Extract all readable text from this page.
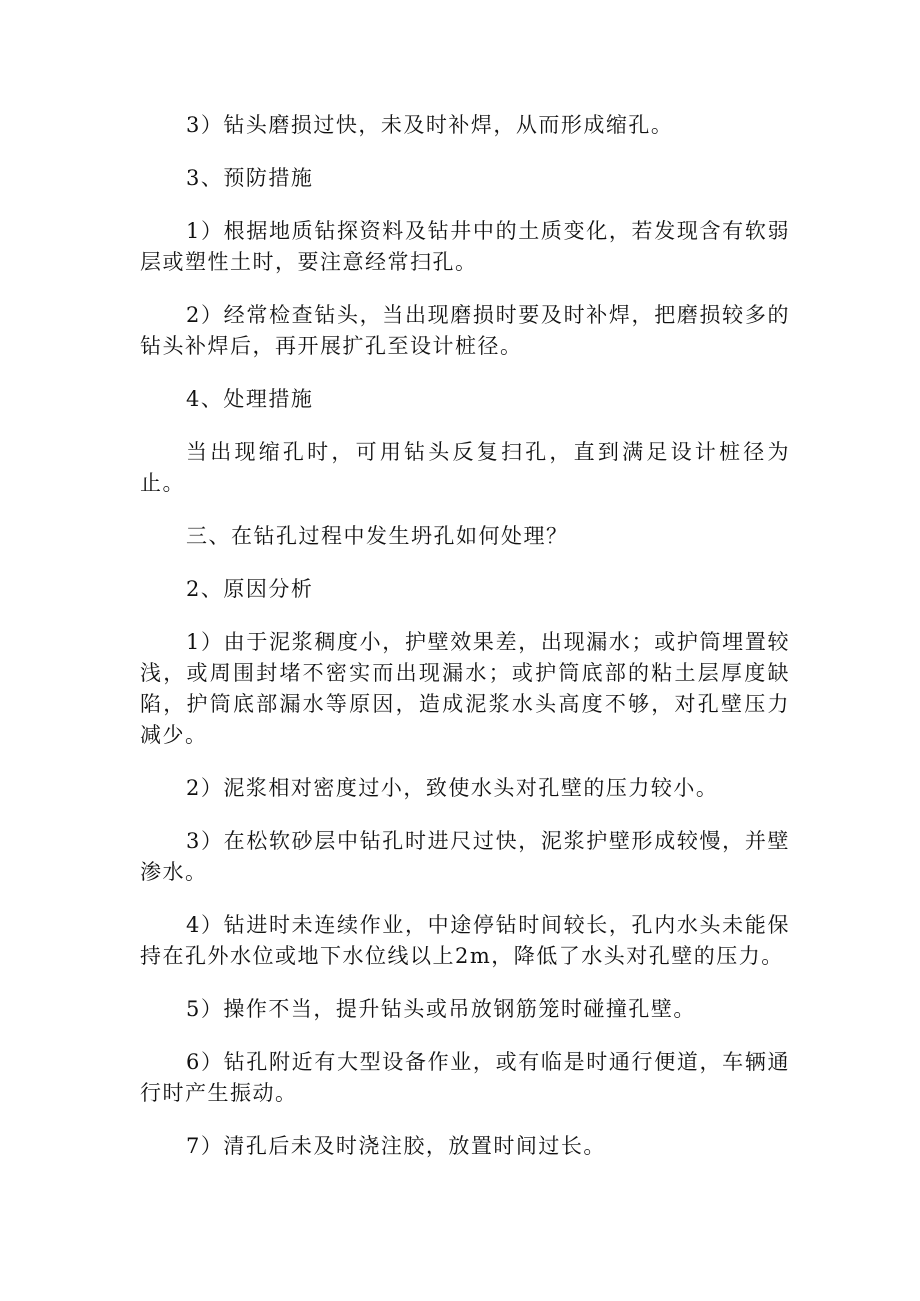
3）钻头磨损过快，未及时补焊，从而形成缩孔。

3、预防措施

1）根据地质钻探资料及钻井中的土质变化，若发现含有软弱层或塑性土时，要注意经常扫孔。

2）经常检查钻头，当出现磨损时要及时补焊，把磨损较多的钻头补焊后，再开展扩孔至设计桩径。

4、处理措施

当出现缩孔时，可用钻头反复扫孔，直到满足设计桩径为止。

三、在钻孔过程中发生坍孔如何处理？

2、原因分析

1）由于泥浆稠度小，护壁效果差，出现漏水；或护筒埋置较浅，或周围封堵不密实而出现漏水；或护筒底部的粘土层厚度缺陷，护筒底部漏水等原因，造成泥浆水头高度不够，对孔壁压力减少。

2）泥浆相对密度过小，致使水头对孔壁的压力较小。

3）在松软砂层中钻孔时进尺过快，泥浆护壁形成较慢，并壁渗水。

4）钻进时未连续作业，中途停钻时间较长，孔内水头未能保持在孔外水位或地下水位线以上2m，降低了水头对孔壁的压力。

5）操作不当，提升钻头或吊放钢筋笼时碰撞孔壁。

6）钻孔附近有大型设备作业，或有临是时通行便道，车辆通行时产生振动。

7）清孔后未及时浇注胶，放置时间过长。
